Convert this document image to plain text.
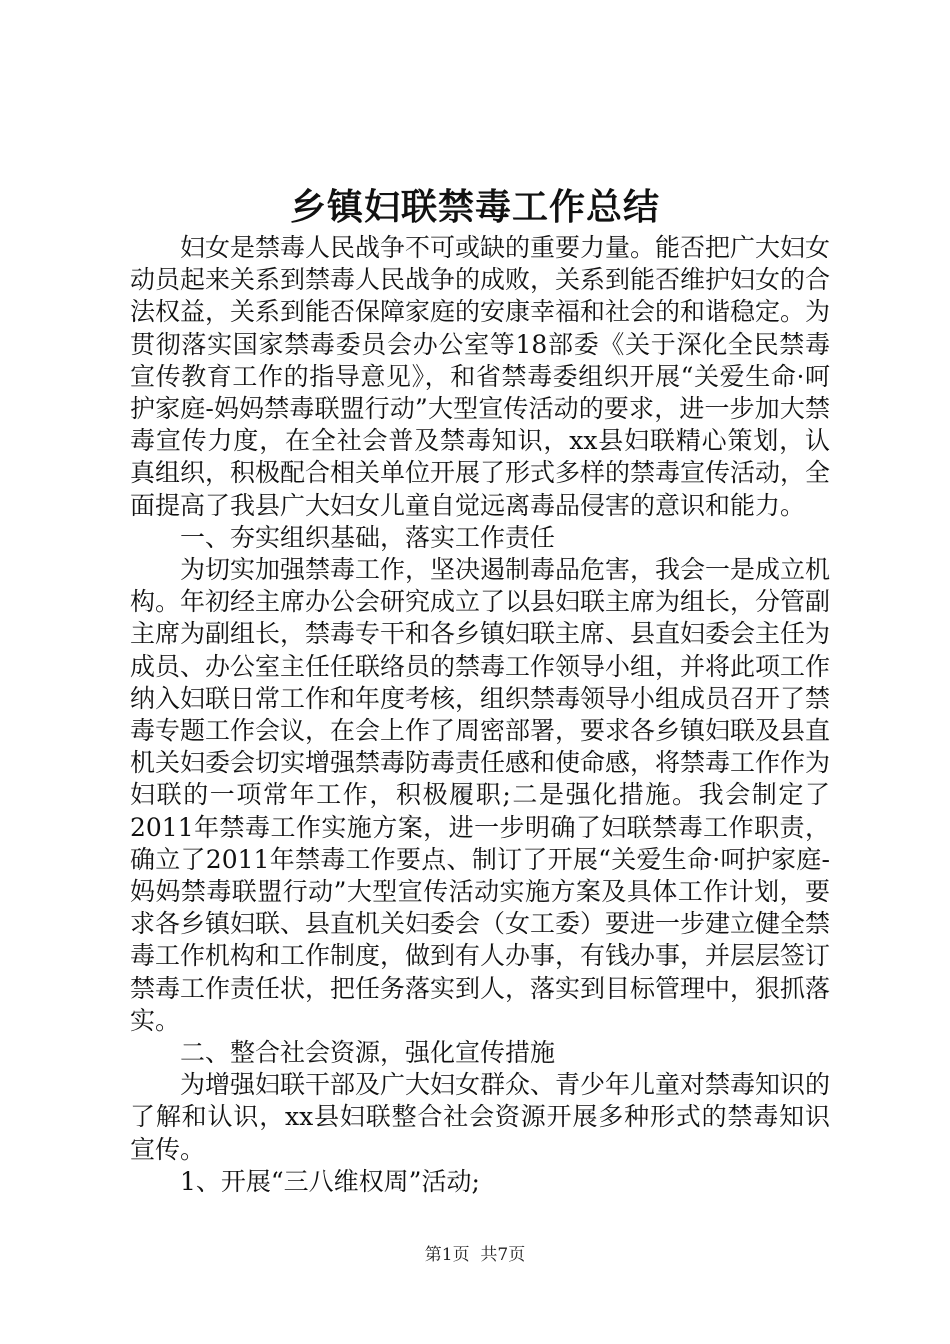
乡镇妇联禁毒工作总结

妇女是禁毒人民战争不可或缺的重要力量。能否把广大妇女动员起来关系到禁毒人民战争的成败，关系到能否维护妇女的合法权益，关系到能否保障家庭的安康幸福和社会的和谐稳定。为贯彻落实国家禁毒委员会办公室等18部委《关于深化全民禁毒宣传教育工作的指导意见》，和省禁毒委组织开展“关爱生命·呵护家庭-妈妈禁毒联盟行动”大型宣传活动的要求，进一步加大禁毒宣传力度，在全社会普及禁毒知识，xx县妇联精心策划，认真组织，积极配合相关单位开展了形式多样的禁毒宣传活动，全面提高了我县广大妇女儿童自觉远离毒品侵害的意识和能力。

一、夯实组织基础，落实工作责任

为切实加强禁毒工作，坚决遏制毒品危害，我会一是成立机构。年初经主席办公会研究成立了以县妇联主席为组长，分管副主席为副组长，禁毒专干和各乡镇妇联主席、县直妇委会主任为成员、办公室主任任联络员的禁毒工作领导小组，并将此项工作纳入妇联日常工作和年度考核，组织禁毒领导小组成员召开了禁毒专题工作会议，在会上作了周密部署，要求各乡镇妇联及县直机关妇委会切实增强禁毒防毒责任感和使命感，将禁毒工作作为妇联的一项常年工作，积极履职;二是强化措施。我会制定了2011年禁毒工作实施方案，进一步明确了妇联禁毒工作职责，确立了2011年禁毒工作要点、制订了开展“关爱生命·呵护家庭-妈妈禁毒联盟行动”大型宣传活动实施方案及具体工作计划，要求各乡镇妇联、县直机关妇委会（女工委）要进一步建立健全禁毒工作机构和工作制度，做到有人办事，有钱办事，并层层签订禁毒工作责任状，把任务落实到人，落实到目标管理中，狠抓落实。

二、整合社会资源，强化宣传措施

为增强妇联干部及广大妇女群众、青少年儿童对禁毒知识的了解和认识，xx县妇联整合社会资源开展多种形式的禁毒知识宣传。

1、开展“三八维权周”活动;

第1页 共7页
